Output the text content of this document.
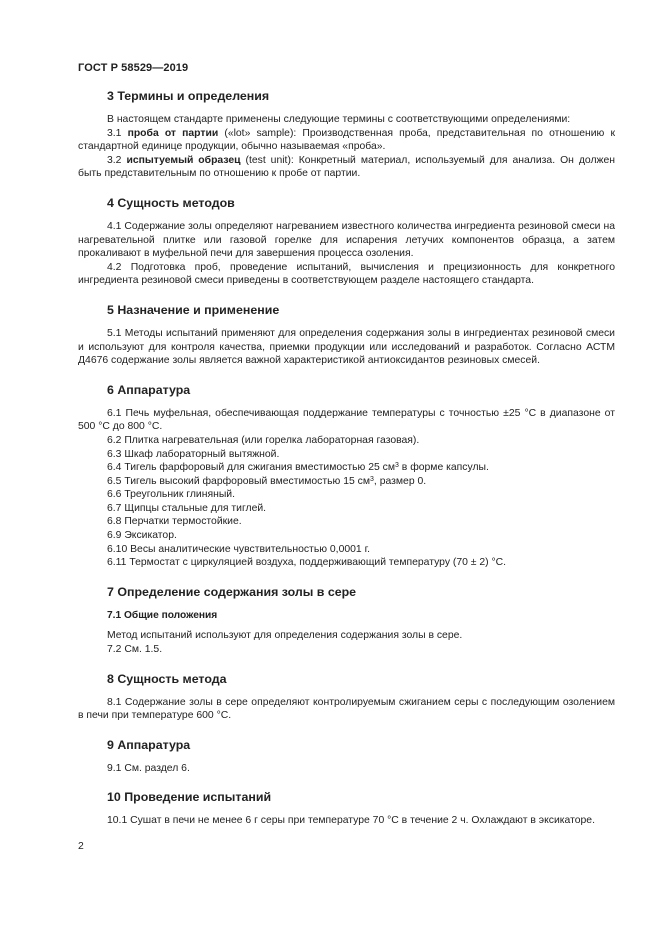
ГОСТ Р 58529—2019
3 Термины и определения

В настоящем стандарте применены следующие термины с соответствующими определениями:

3.1 проба от партии («lot» sample): Производственная проба, представительная по отношению к стандартной единице продукции, обычно называемая «проба».

3.2 испытуемый образец (test unit): Конкретный материал, используемый для анализа. Он должен быть представительным по отношению к пробе от партии.

4 Сущность методов

4.1 Содержание золы определяют нагреванием известного количества ингредиента резиновой смеси на нагревательной плитке или газовой горелке для испарения летучих компонентов образца, а затем прокаливают в муфельной печи для завершения процесса озоления.

4.2 Подготовка проб, проведение испытаний, вычисления и прецизионность для конкретного ингредиента резиновой смеси приведены в соответствующем разделе настоящего стандарта.

5 Назначение и применение

5.1 Методы испытаний применяют для определения содержания золы в ингредиентах резиновой смеси и используют для контроля качества, приемки продукции или исследований и разработок. Согласно АСТМ Д4676 содержание золы является важной характеристикой антиоксидантов резиновых смесей.

6 Аппаратура

6.1 Печь муфельная, обеспечивающая поддержание температуры с точностью ±25 °С в диапазоне от 500 °С до 800 °С.

6.2 Плитка нагревательная (или горелка лабораторная газовая).

6.3 Шкаф лабораторный вытяжной.

6.4 Тигель фарфоровый для сжигания вместимостью 25 $см^3$ в форме капсулы.

6.5 Тигель высокий фарфоровый вместимостью 15 $см^3$, размер 0.

6.6 Треугольник глиняный.

6.7 Щипцы стальные для тиглей.

6.8 Перчатки термостойкие.

6.9 Эксикатор.

6.10 Весы аналитические чувствительностью 0,0001 г.

6.11 Термостат с циркуляцией воздуха, поддерживающий температуру (70 ± 2) °С.

7 Определение содержания золы в сере
7.1 Общие положения

Метод испытаний используют для определения содержания золы в сере.

7.2 См. 1.5.

8 Сущность метода

8.1 Содержание золы в сере определяют контролируемым сжиганием серы с последующим озолением в печи при температуре 600 °С.

9 Аппаратура

9.1 См. раздел 6.

10 Проведение испытаний

10.1 Сушат в печи не менее 6 г серы при температуре 70 °С в течение 2 ч. Охлаждают в эксикаторе.

2
